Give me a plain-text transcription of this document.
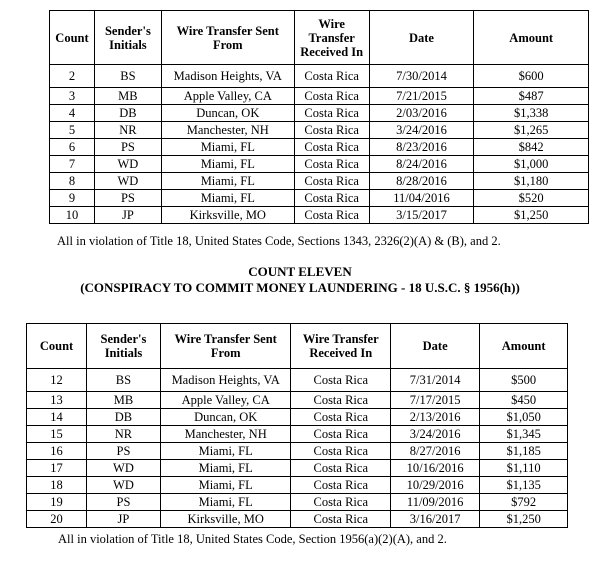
Count	Sender's Initials	Wire Transfer Sent From	Wire Transfer Received In	Date	Amount
2	BS	Madison Heights, VA	Costa Rica	7/30/2014	$600
3	MB	Apple Valley, CA	Costa Rica	7/21/2015	$487
4	DB	Duncan, OK	Costa Rica	2/03/2016	$1,338
5	NR	Manchester, NH	Costa Rica	3/24/2016	$1,265
6	PS	Miami, FL	Costa Rica	8/23/2016	$842
7	WD	Miami, FL	Costa Rica	8/24/2016	$1,000
8	WD	Miami, FL	Costa Rica	8/28/2016	$1,180
9	PS	Miami, FL	Costa Rica	11/04/2016	$520
10	JP	Kirksville, MO	Costa Rica	3/15/2017	$1,250
All in violation of Title 18, United States Code, Sections 1343, 2326(2)(A) & (B), and 2.
COUNT ELEVEN
(CONSPIRACY TO COMMIT MONEY LAUNDERING - 18 U.S.C. § 1956(h))
Count	Sender's Initials	Wire Transfer Sent From	Wire Transfer Received In	Date	Amount
12	BS	Madison Heights, VA	Costa Rica	7/31/2014	$500
13	MB	Apple Valley, CA	Costa Rica	7/17/2015	$450
14	DB	Duncan, OK	Costa Rica	2/13/2016	$1,050
15	NR	Manchester, NH	Costa Rica	3/24/2016	$1,345
16	PS	Miami, FL	Costa Rica	8/27/2016	$1,185
17	WD	Miami, FL	Costa Rica	10/16/2016	$1,110
18	WD	Miami, FL	Costa Rica	10/29/2016	$1,135
19	PS	Miami, FL	Costa Rica	11/09/2016	$792
20	JP	Kirksville, MO	Costa Rica	3/16/2017	$1,250
All in violation of Title 18, United States Code, Section 1956(a)(2)(A), and 2.
